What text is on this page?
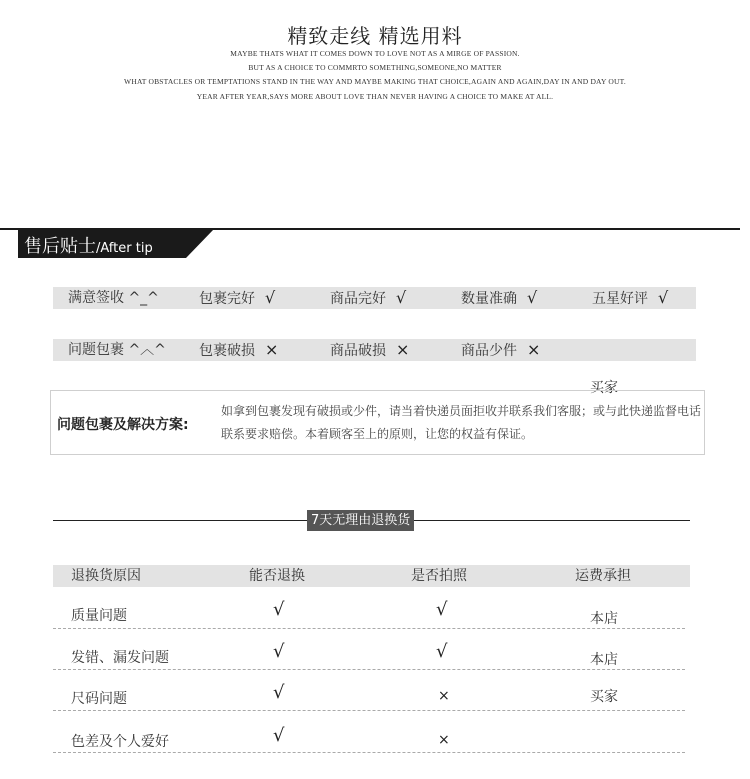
精致走线 精选用料
MAYBE THATS WHAT IT COMES DOWN TO LOVE NOT AS A MIRGE OF PASSION.
BUT AS A CHOICE TO COMMRTO SOMETHING,SOMEONE,NO MATTER
WHAT OBSTACLES OR TEMPTATIONS STAND IN THE WAY AND MAYBE MAKING THAT CHOICE,AGAIN AND AGAIN,DAY IN AND DAY OUT.
YEAR AFTER YEAR,SAYS MORE ABOUT LOVE THAN NEVER HAVING A CHOICE TO MAKE AT ALL.
售后贴士/After tip
满意签收 ^_^	包裹完好 √	商品完好 √	数量准确 √	五星好评 √
问题包裹 ^︿^ 包裹破损 ×	商品破损 ×	商品少件 ×
买家
问题包裹及解决方案:
如拿到包裹发现有破损或少件，请当着快递员面拒收并联系我们客服；或与此快递监督电话联系要求赔偿。本着顾客至上的原则，让您的权益有保证。
7天无理由退换货
退换货原因	能否退换	是否拍照	运费承担
质量问题	√	√	本店
发错、漏发问题	√	√	本店
尺码问题	√	×	买家
色差及个人爱好	√	×
